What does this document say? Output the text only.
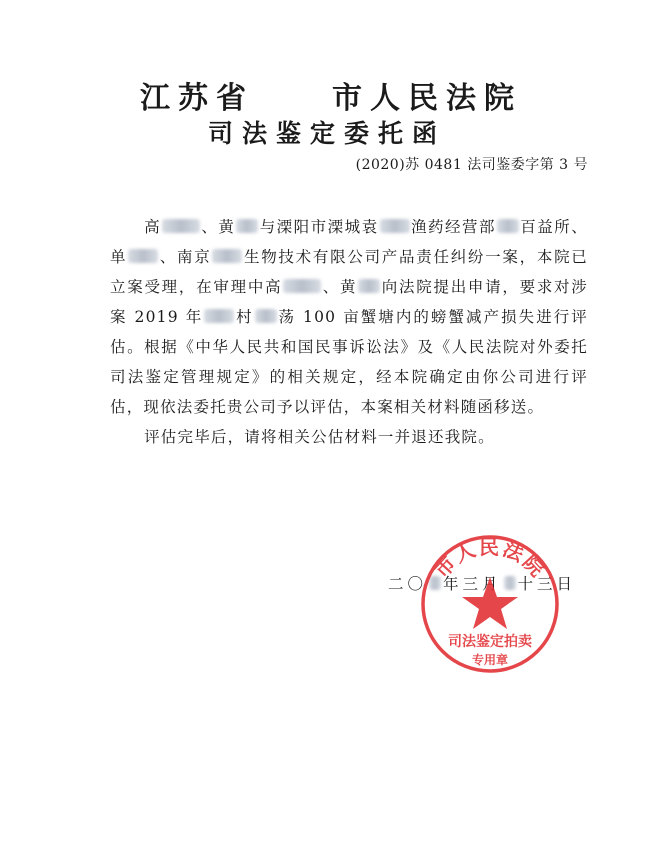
江苏省	市人民法院
司法鉴定委托函
(2020)苏 0481 法司鉴委字第 3 号

高	、黄 与溧阳市溧城袁 渔药经营部 百益所、单 、南京 生物技术有限公司产品责任纠纷一案，本院已立案受理，在审理中高	、黄 向法院提出申请，要求对涉案 2019 年 村 荡 100 亩蟹塘内的螃蟹减产损失进行评估。根据《中华人民共和国民事诉讼法》及《人民法院对外委托司法鉴定管理规定》的相关规定，经本院确定由你公司进行评估，现依法委托贵公司予以评估，本案相关材料随函移送。

评估完毕后，请将相关公估材料一并退还我院。

二〇 年三月 十三日
市人民法院
司法鉴定拍卖
专用章
